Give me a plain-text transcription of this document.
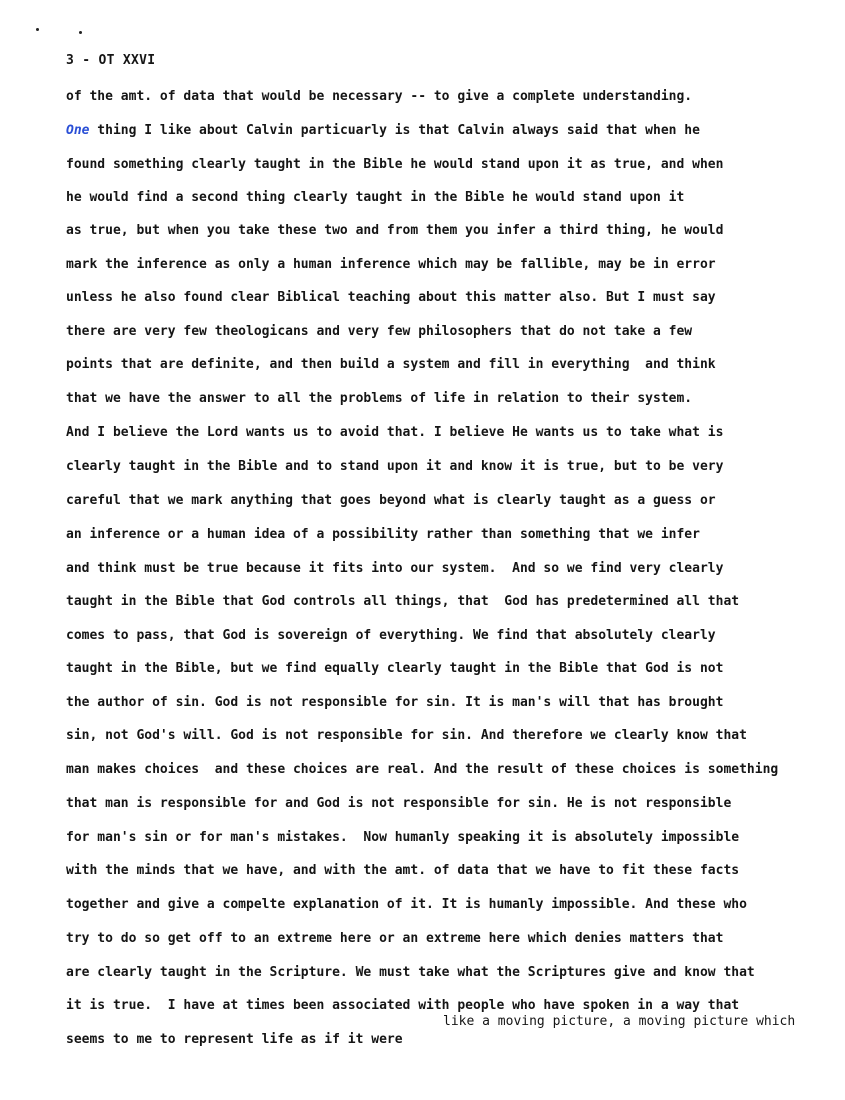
3 - OT XXVI
of the amt. of data that would be necessary -- to give a complete understanding.
One thing I like about Calvin particuarly is that Calvin always said that when he
found something clearly taught in the Bible he would stand upon it as true, and when
he would find a second thing clearly taught in the Bible he would stand upon it
as true, but when you take these two and from them you infer a third thing, he would
mark the inference as only a human inference which may be fallible, may be in error
unless he also found clear Biblical teaching about this matter also. But I must say
there are very few theologicans and very few philosophers that do not take a few
points that are definite, and then build a system and fill in everything  and think
that we have the answer to all the problems of life in relation to their system.
And I believe the Lord wants us to avoid that. I believe He wants us to take what is
clearly taught in the Bible and to stand upon it and know it is true, but to be very
careful that we mark anything that goes beyond what is clearly taught as a guess or
an inference or a human idea of a possibility rather than something that we infer
and think must be true because it fits into our system.  And so we find very clearly
taught in the Bible that God controls all things, that  God has predetermined all that
comes to pass, that God is sovereign of everything. We find that absolutely clearly
taught in the Bible, but we find equally clearly taught in the Bible that God is not
the author of sin. God is not responsible for sin. It is man's will that has brought
sin, not God's will. God is not responsible for sin. And therefore we clearly know that
man makes choices  and these choices are real. And the result of these choices is something
that man is responsible for and God is not responsible for sin. He is not responsible
for man's sin or for man's mistakes.  Now humanly speaking it is absolutely impossible
with the minds that we have, and with the amt. of data that we have to fit these facts
together and give a compelte explanation of it. It is humanly impossible. And these who
try to do so get off to an extreme here or an extreme here which denies matters that
are clearly taught in the Scripture. We must take what the Scriptures give and know that
it is true.  I have at times been associated with people who have spoken in a way that
seems to me to represent life as if it were
like a moving picture, a moving picture which
